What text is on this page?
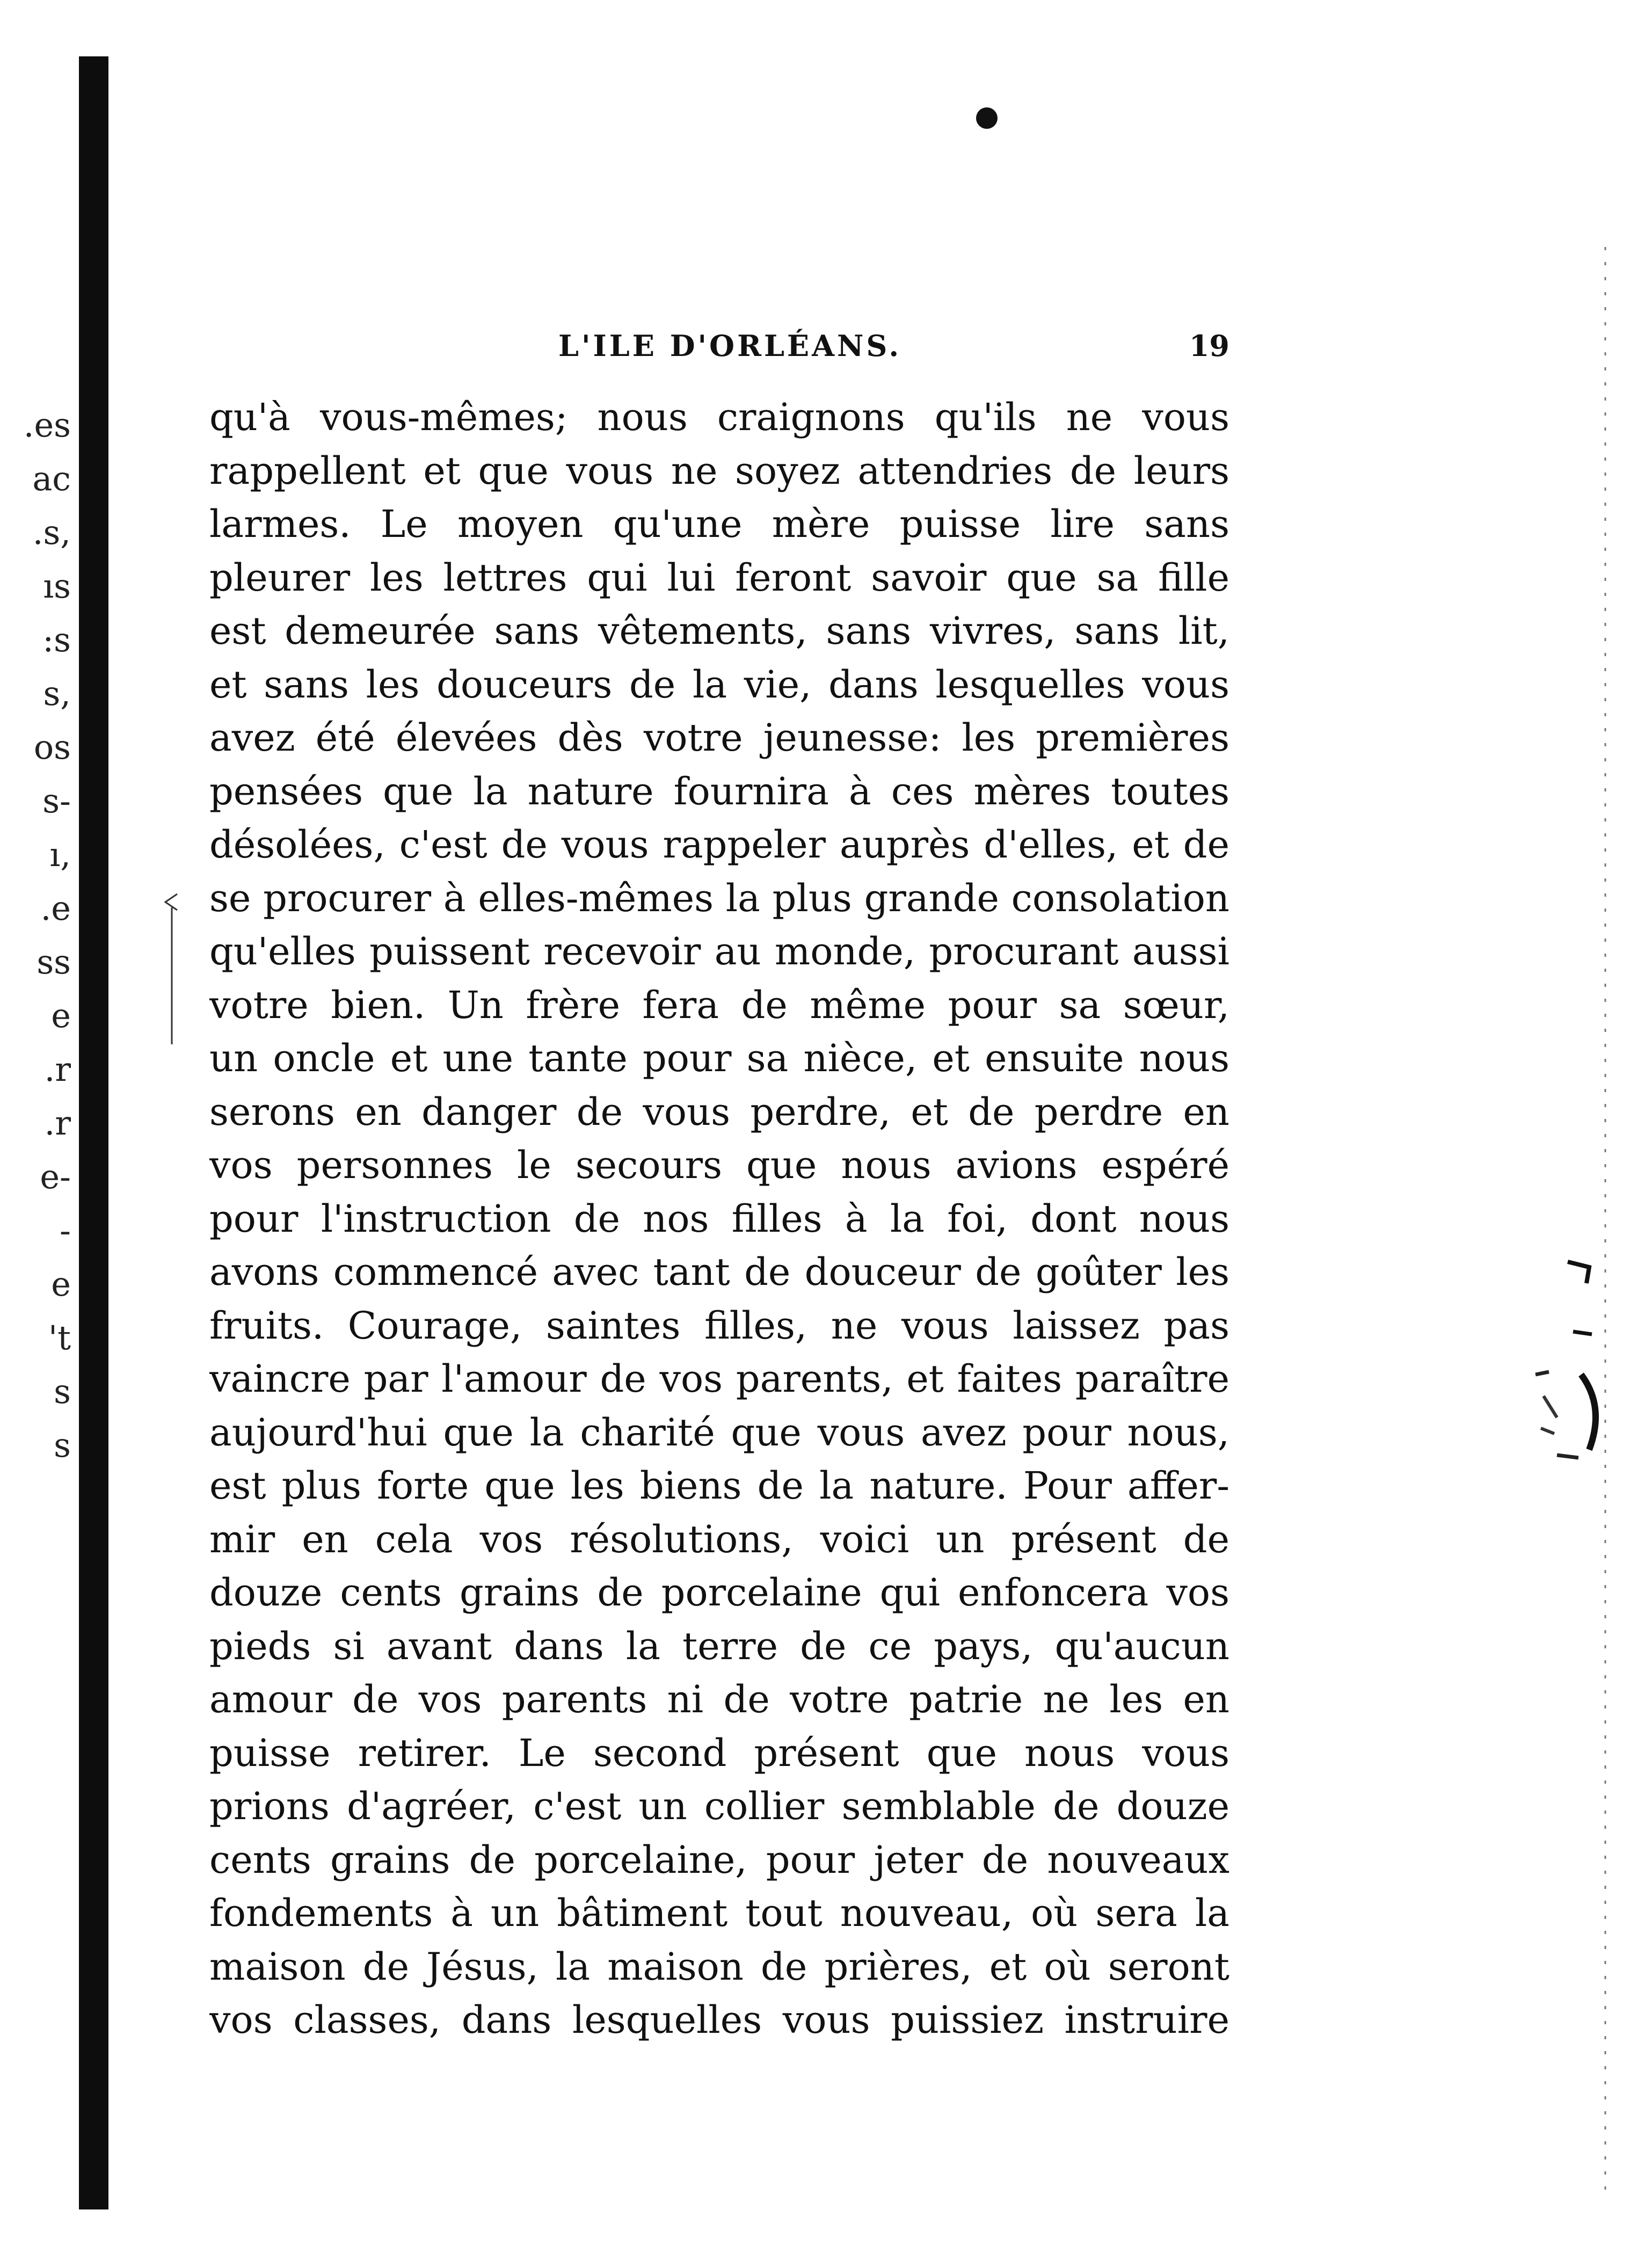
.es
ac
.s,
ıs
:s
s,
os
s-
ı,
.e
ss
e
.r
.r
e-
-
e
't
s
s
L'ILE D'ORLÉANS.	19
qu'à vous-mêmes; nous craignons qu'ils ne vous
rappellent et que vous ne soyez attendries de leurs
larmes. Le moyen qu'une mère puisse lire sans
pleurer les lettres qui lui feront savoir que sa fille
est demeurée sans vêtements, sans vivres, sans lit,
et sans les douceurs de la vie, dans lesquelles vous
avez été élevées dès votre jeunesse: les premières
pensées que la nature fournira à ces mères toutes
désolées, c'est de vous rappeler auprès d'elles, et de
se procurer à elles-mêmes la plus grande consolation
qu'elles puissent recevoir au monde, procurant aussi
votre bien. Un frère fera de même pour sa sœur,
un oncle et une tante pour sa nièce, et ensuite nous
serons en danger de vous perdre, et de perdre en
vos personnes le secours que nous avions espéré
pour l'instruction de nos filles à la foi, dont nous
avons commencé avec tant de douceur de goûter les
fruits. Courage, saintes filles, ne vous laissez pas
vaincre par l'amour de vos parents, et faites paraître
aujourd'hui que la charité que vous avez pour nous,
est plus forte que les biens de la nature. Pour affer-
mir en cela vos résolutions, voici un présent de
douze cents grains de porcelaine qui enfoncera vos
pieds si avant dans la terre de ce pays, qu'aucun
amour de vos parents ni de votre patrie ne les en
puisse retirer. Le second présent que nous vous
prions d'agréer, c'est un collier semblable de douze
cents grains de porcelaine, pour jeter de nouveaux
fondements à un bâtiment tout nouveau, où sera la
maison de Jésus, la maison de prières, et où seront
vos classes, dans lesquelles vous puissiez instruire
